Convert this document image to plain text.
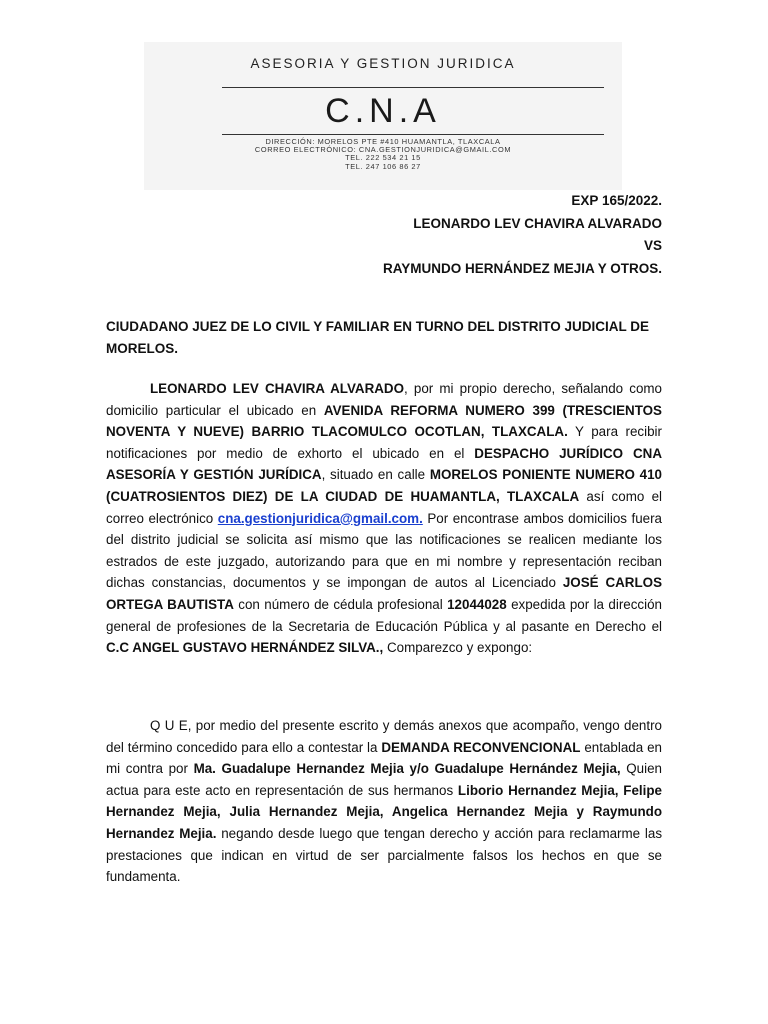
ASESORIA Y GESTION JURIDICA
C.N.A
DIRECCIÓN: MORELOS PTE #410 HUAMANTLA, TLAXCALA
CORREO ELECTRÓNICO: CNA.GESTIONJURIDICA@GMAIL.COM
TEL. 222 534 21 15
TEL. 247 106 86 27
EXP 165/2022.
LEONARDO LEV CHAVIRA ALVARADO
VS
RAYMUNDO HERNÁNDEZ MEJIA Y OTROS.
CIUDADANO JUEZ DE LO CIVIL Y FAMILIAR EN TURNO DEL DISTRITO JUDICIAL DE MORELOS.
LEONARDO LEV CHAVIRA ALVARADO, por mi propio derecho, señalando como domicilio particular el ubicado en AVENIDA REFORMA NUMERO 399 (TRESCIENTOS NOVENTA Y NUEVE) BARRIO TLACOMULCO OCOTLAN, TLAXCALA. Y para recibir notificaciones por medio de exhorto el ubicado en el DESPACHO JURÍDICO CNA ASESORÍA Y GESTIÓN JURÍDICA, situado en calle MORELOS PONIENTE NUMERO 410 (CUATROSIENTOS DIEZ) DE LA CIUDAD DE HUAMANTLA, TLAXCALA así como el correo electrónico cna.gestionjuridica@gmail.com. Por encontrase ambos domicilios fuera del distrito judicial se solicita así mismo que las notificaciones se realicen mediante los estrados de este juzgado, autorizando para que en mi nombre y representación reciban dichas constancias, documentos y se impongan de autos al Licenciado JOSÉ CARLOS ORTEGA BAUTISTA con número de cédula profesional 12044028 expedida por la dirección general de profesiones de la Secretaria de Educación Pública y al pasante en Derecho el C.C ANGEL GUSTAVO HERNÁNDEZ SILVA., Comparezco y expongo:
Q U E, por medio del presente escrito y demás anexos que acompaño, vengo dentro del término concedido para ello a contestar la DEMANDA RECONVENCIONAL entablada en mi contra por Ma. Guadalupe Hernandez Mejia y/o Guadalupe Hernández Mejia, Quien actua para este acto en representación de sus hermanos Liborio Hernandez Mejia, Felipe Hernandez Mejia, Julia Hernandez Mejia, Angelica Hernandez Mejia y Raymundo Hernandez Mejia. negando desde luego que tengan derecho y acción para reclamarme las prestaciones que indican en virtud de ser parcialmente falsos los hechos en que se fundamenta.
